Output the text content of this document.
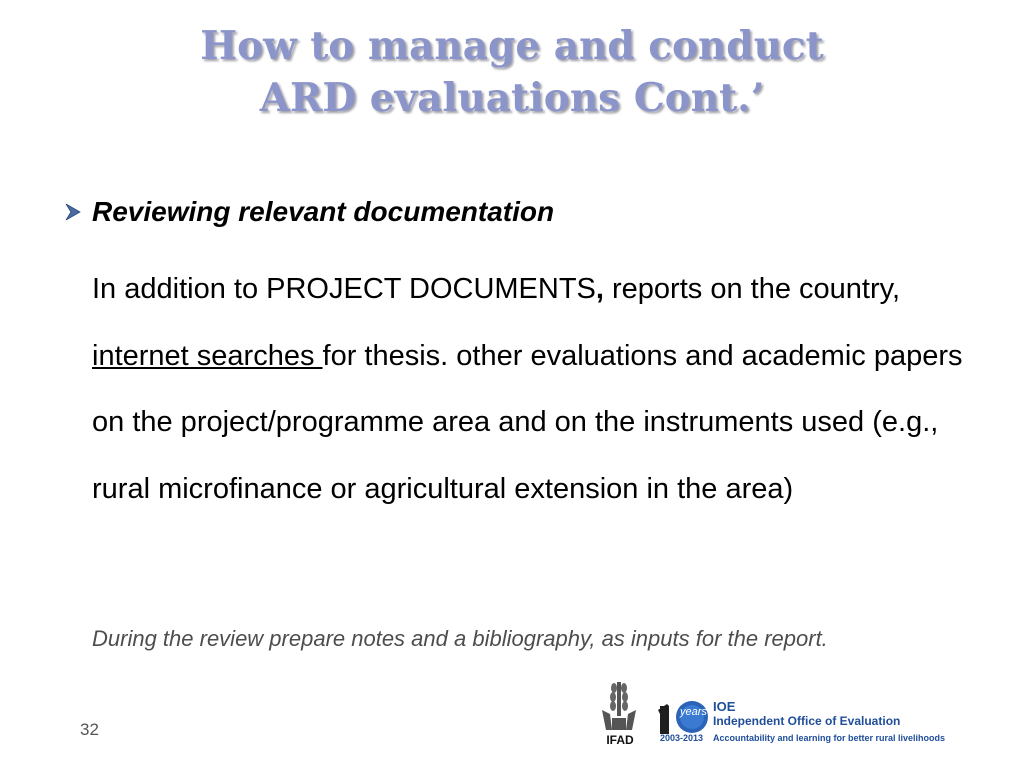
How to manage and conduct
ARD evaluations Cont.’
Reviewing relevant documentation
In addition to PROJECT DOCUMENTS, reports on the country, internet searches for thesis. other evaluations and academic papers on the project/programme area and on the instruments used (e.g., rural microfinance or agricultural extension in the area)
During the review prepare notes and a bibliography, as inputs for the report.
32
IFAD
years
2003-2013
IOE
Independent Office of Evaluation
Accountability and learning for better rural livelihoods
